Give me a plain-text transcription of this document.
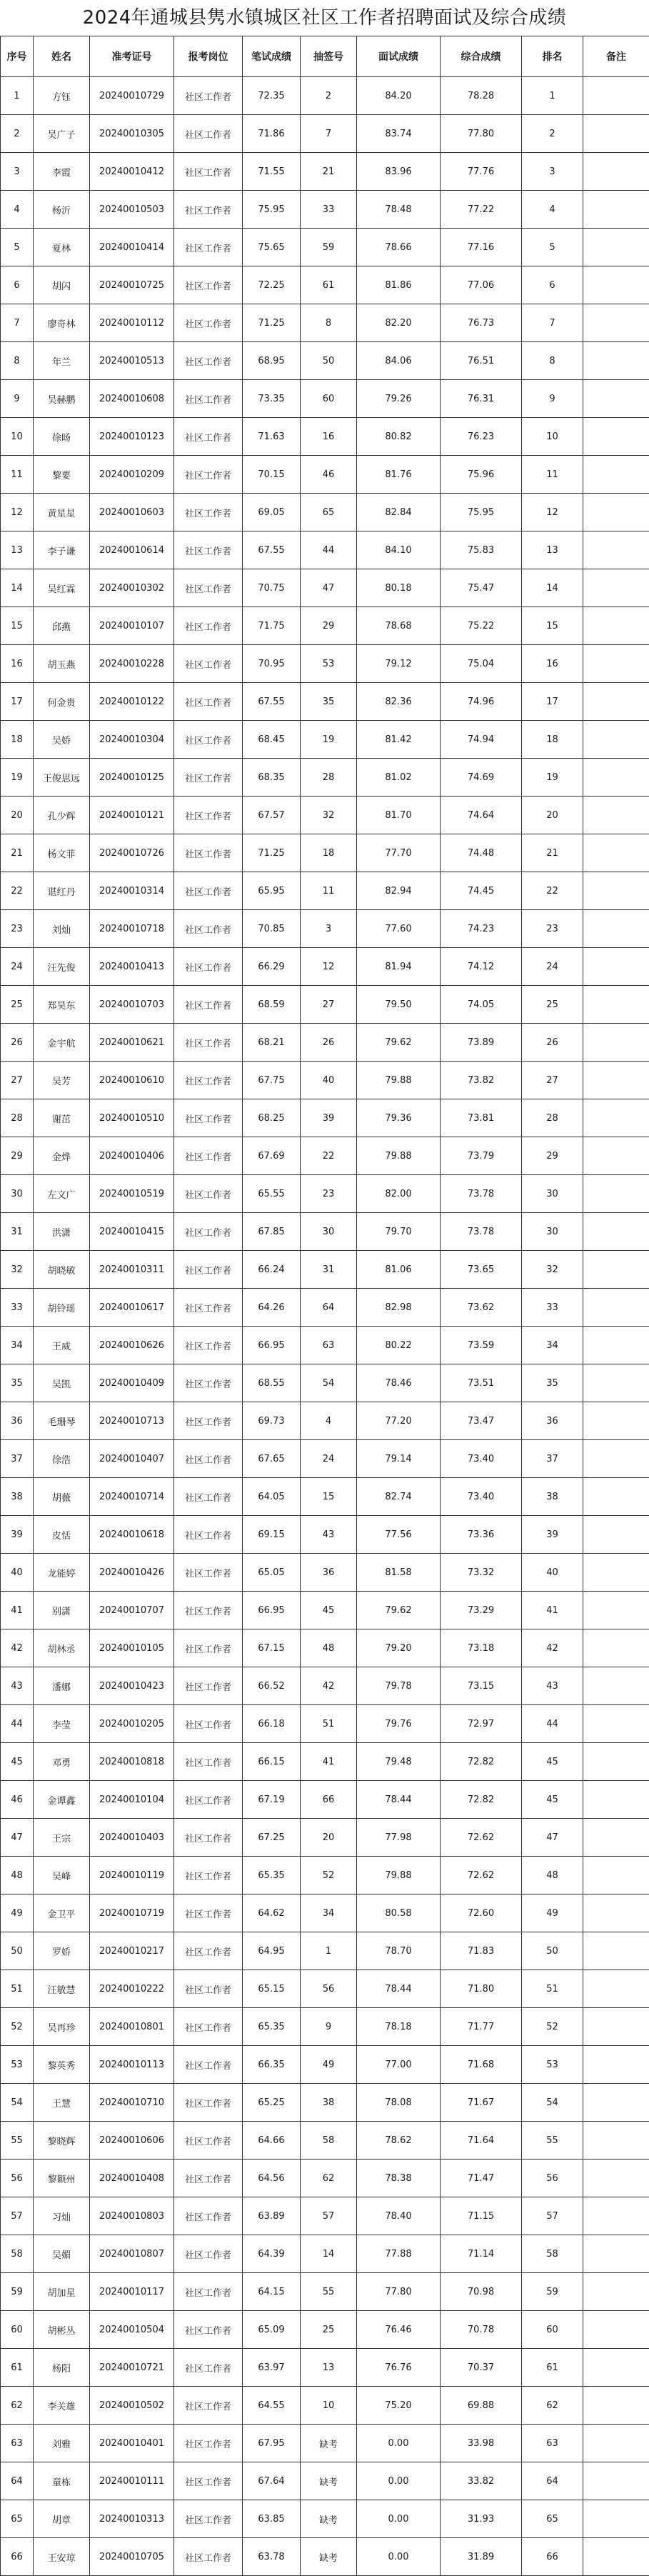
2024年通城县隽水镇城区社区工作者招聘面试及综合成绩
序号	姓名	准考证号	报考岗位	笔试成绩	抽签号	面试成绩	综合成绩	排名	备注
1	方钰	20240010729	社区工作者	72.35	2	84.20	78.28	1	
2	吴广子	20240010305	社区工作者	71.86	7	83.74	77.80	2	
3	李霞	20240010412	社区工作者	71.55	21	83.96	77.76	3	
4	杨沂	20240010503	社区工作者	75.95	33	78.48	77.22	4	
5	夏林	20240010414	社区工作者	75.65	59	78.66	77.16	5	
6	胡闪	20240010725	社区工作者	72.25	61	81.86	77.06	6	
7	廖奇林	20240010112	社区工作者	71.25	8	82.20	76.73	7	
8	年兰	20240010513	社区工作者	68.95	50	84.06	76.51	8	
9	吴赫鹏	20240010608	社区工作者	73.35	60	79.26	76.31	9	
10	徐旸	20240010123	社区工作者	71.63	16	80.82	76.23	10	
11	黎要	20240010209	社区工作者	70.15	46	81.76	75.96	11	
12	黄星星	20240010603	社区工作者	69.05	65	82.84	75.95	12	
13	李子谦	20240010614	社区工作者	67.55	44	84.10	75.83	13	
14	吴红霖	20240010302	社区工作者	70.75	47	80.18	75.47	14	
15	邱燕	20240010107	社区工作者	71.75	29	78.68	75.22	15	
16	胡玉燕	20240010228	社区工作者	70.95	53	79.12	75.04	16	
17	何金贵	20240010122	社区工作者	67.55	35	82.36	74.96	17	
18	吴娇	20240010304	社区工作者	68.45	19	81.42	74.94	18	
19	王俊思远	20240010125	社区工作者	68.35	28	81.02	74.69	19	
20	孔少辉	20240010121	社区工作者	67.57	32	81.70	74.64	20	
21	杨文菲	20240010726	社区工作者	71.25	18	77.70	74.48	21	
22	谌红丹	20240010314	社区工作者	65.95	11	82.94	74.45	22	
23	刘灿	20240010718	社区工作者	70.85	3	77.60	74.23	23	
24	汪先俊	20240010413	社区工作者	66.29	12	81.94	74.12	24	
25	郑昊东	20240010703	社区工作者	68.59	27	79.50	74.05	25	
26	金宇航	20240010621	社区工作者	68.21	26	79.62	73.89	26	
27	吴芳	20240010610	社区工作者	67.75	40	79.88	73.82	27	
28	谢茁	20240010510	社区工作者	68.25	39	79.36	73.81	28	
29	金烨	20240010406	社区工作者	67.69	22	79.88	73.79	29	
30	左文广	20240010519	社区工作者	65.55	23	82.00	73.78	30	
31	洪潇	20240010415	社区工作者	67.85	30	79.70	73.78	30	
32	胡晓敏	20240010311	社区工作者	66.24	31	81.06	73.65	32	
33	胡铃瑶	20240010617	社区工作者	64.26	64	82.98	73.62	33	
34	王威	20240010626	社区工作者	66.95	63	80.22	73.59	34	
35	吴凯	20240010409	社区工作者	68.55	54	78.46	73.51	35	
36	毛珊琴	20240010713	社区工作者	69.73	4	77.20	73.47	36	
37	徐浩	20240010407	社区工作者	67.65	24	79.14	73.40	37	
38	胡薇	20240010714	社区工作者	64.05	15	82.74	73.40	38	
39	皮恬	20240010618	社区工作者	69.15	43	77.56	73.36	39	
40	龙能婷	20240010426	社区工作者	65.05	36	81.58	73.32	40	
41	别潇	20240010707	社区工作者	66.95	45	79.62	73.29	41	
42	胡林丞	20240010105	社区工作者	67.15	48	79.20	73.18	42	
43	潘娜	20240010423	社区工作者	66.52	42	79.78	73.15	43	
44	李莹	20240010205	社区工作者	66.18	51	79.76	72.97	44	
45	邓勇	20240010818	社区工作者	66.15	41	79.48	72.82	45	
46	金谭鑫	20240010104	社区工作者	67.19	66	78.44	72.82	45	
47	王宗	20240010403	社区工作者	67.25	20	77.98	72.62	47	
48	吴峰	20240010119	社区工作者	65.35	52	79.88	72.62	48	
49	金卫平	20240010719	社区工作者	64.62	34	80.58	72.60	49	
50	罗娇	20240010217	社区工作者	64.95	1	78.70	71.83	50	
51	汪敏慧	20240010222	社区工作者	65.15	56	78.44	71.80	51	
52	吴再珍	20240010801	社区工作者	65.35	9	78.18	71.77	52	
53	黎英秀	20240010113	社区工作者	66.35	49	77.00	71.68	53	
54	王慧	20240010710	社区工作者	65.25	38	78.08	71.67	54	
55	黎晓辉	20240010606	社区工作者	64.66	58	78.62	71.64	55	
56	黎颖州	20240010408	社区工作者	64.56	62	78.38	71.47	56	
57	习灿	20240010803	社区工作者	63.89	57	78.40	71.15	57	
58	吴媚	20240010807	社区工作者	64.39	14	77.88	71.14	58	
59	胡加星	20240010117	社区工作者	64.15	55	77.80	70.98	59	
60	胡彬丛	20240010504	社区工作者	65.09	25	76.46	70.78	60	
61	杨阳	20240010721	社区工作者	63.97	13	76.76	70.37	61	
62	李关雄	20240010502	社区工作者	64.55	10	75.20	69.88	62	
63	刘雅	20240010401	社区工作者	67.95	缺考	0.00	33.98	63	
64	童栋	20240010111	社区工作者	67.64	缺考	0.00	33.82	64	
65	胡章	20240010313	社区工作者	63.85	缺考	0.00	31.93	65	
66	王安琼	20240010705	社区工作者	63.78	缺考	0.00	31.89	66	
